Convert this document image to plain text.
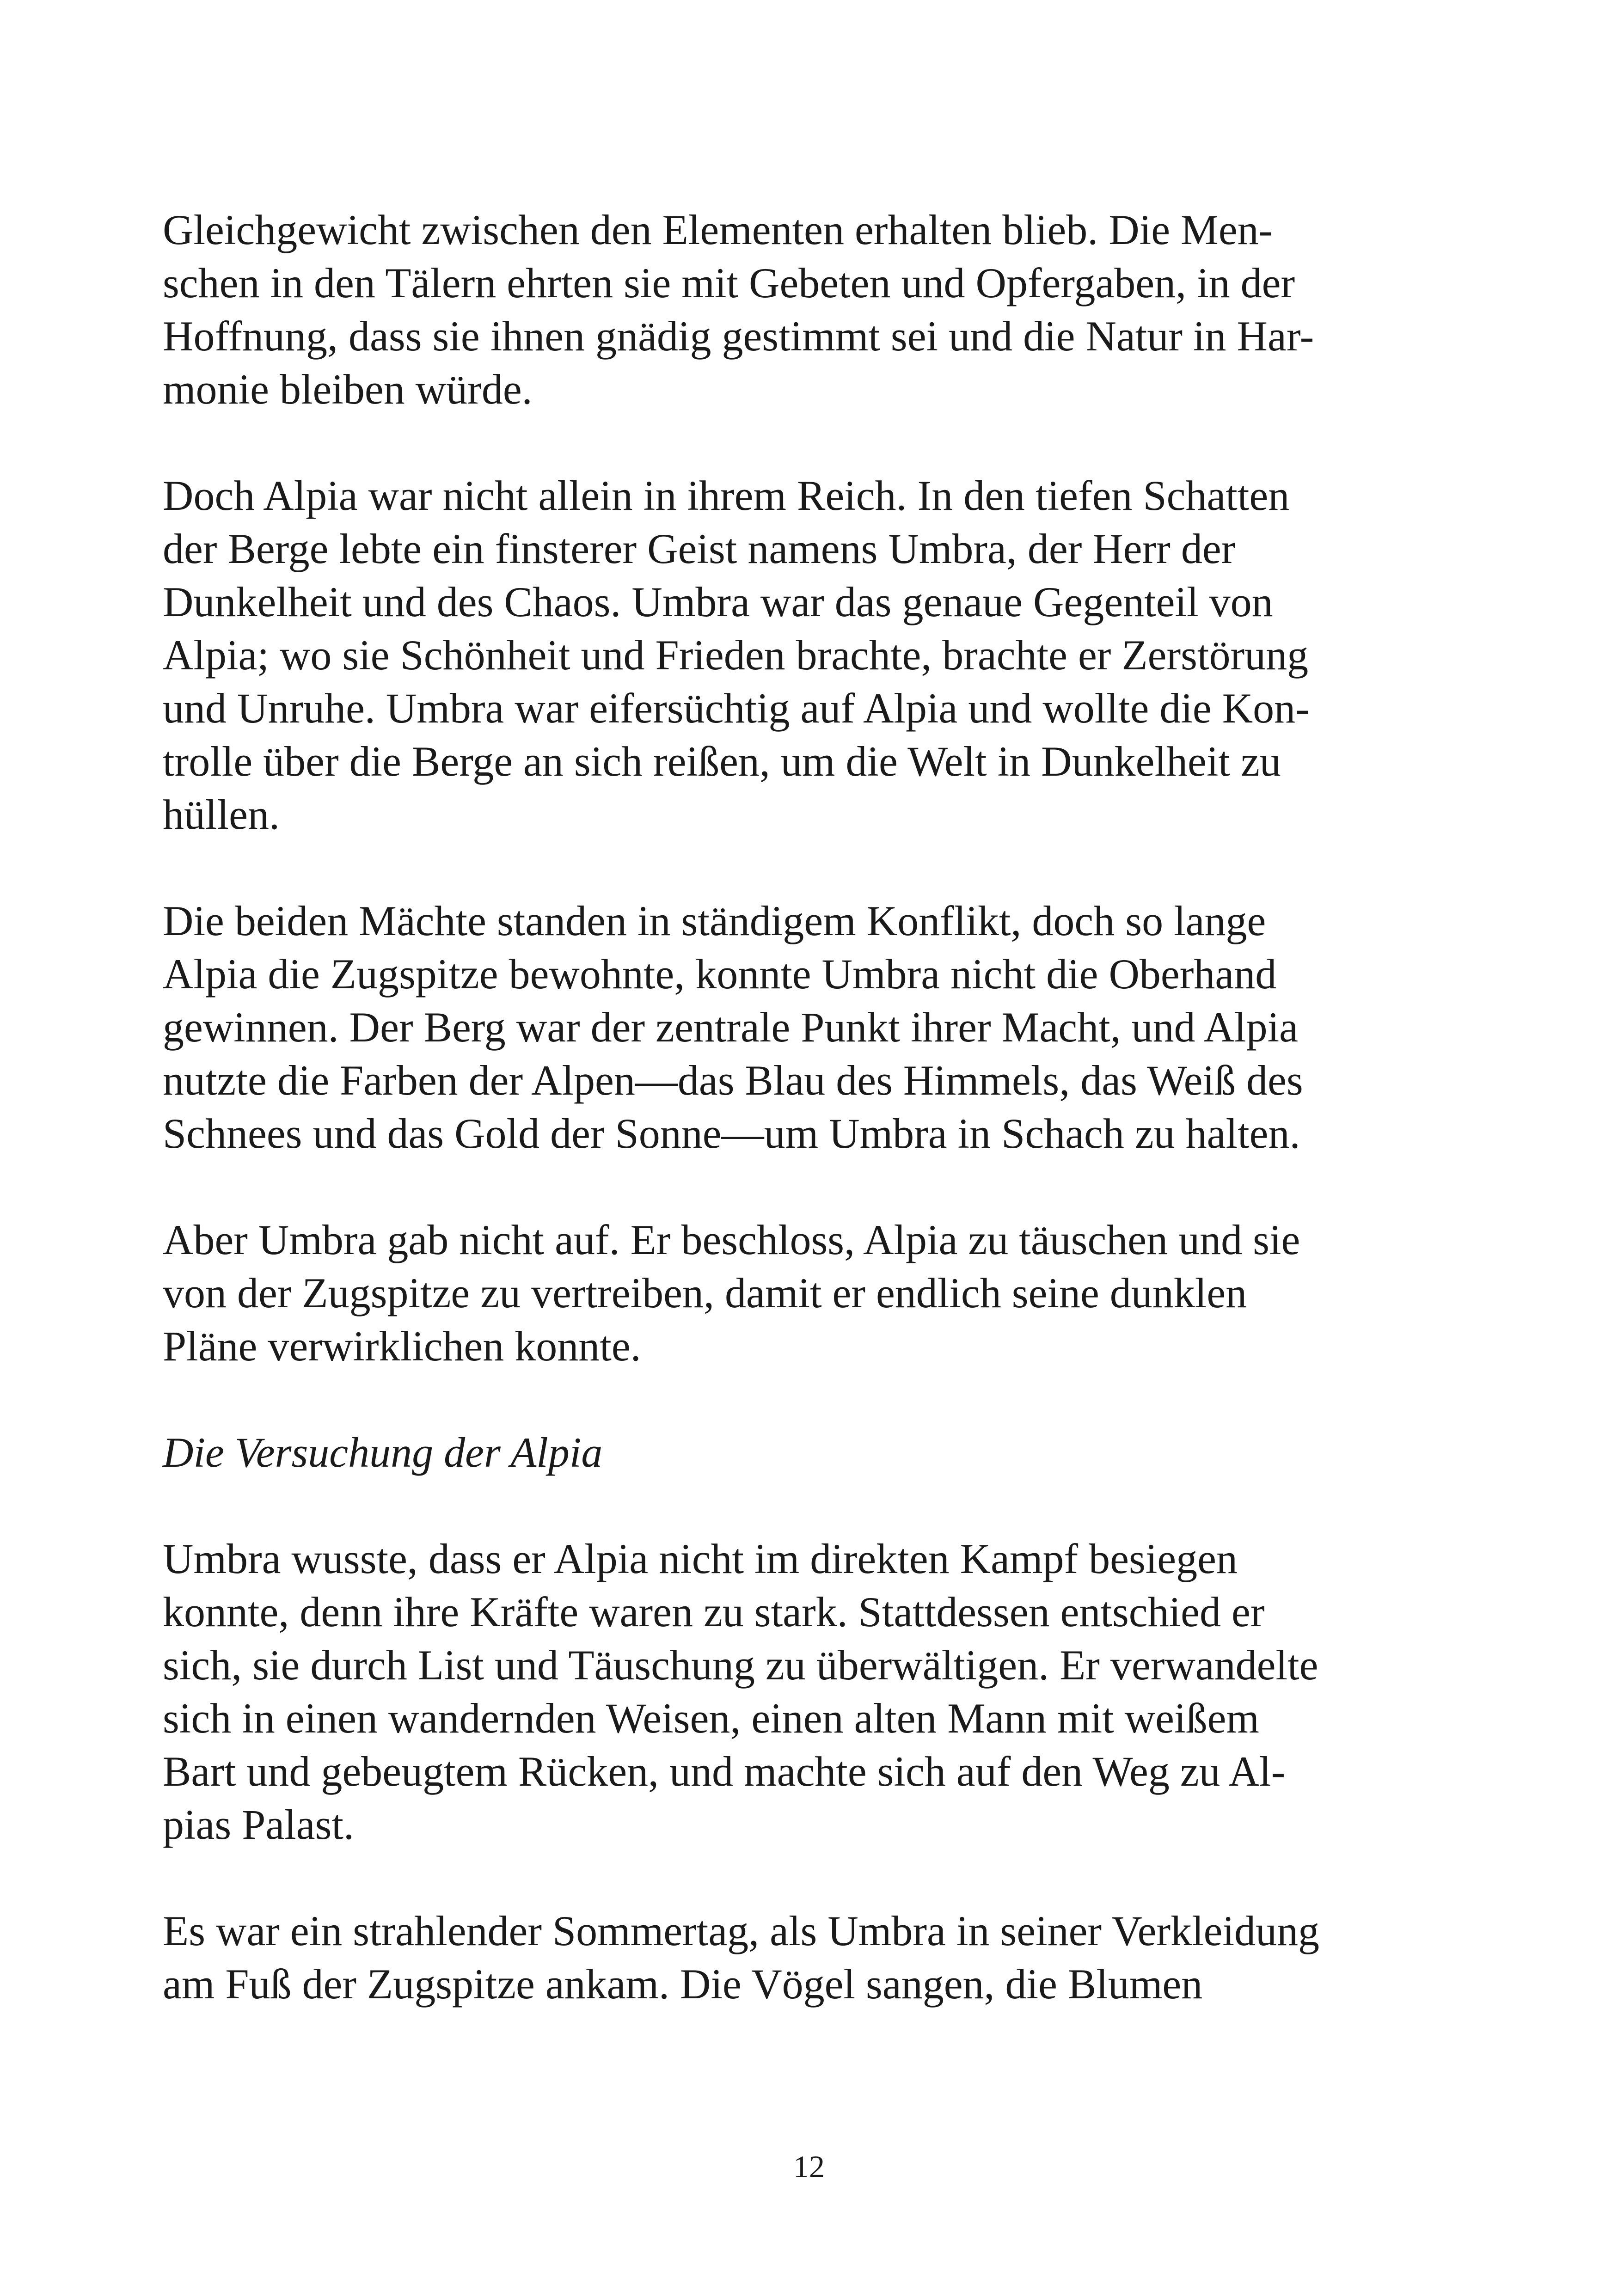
Gleichgewicht zwischen den Elementen erhalten blieb. Die Men-
schen in den Tälern ehrten sie mit Gebeten und Opfergaben, in der
Hoffnung, dass sie ihnen gnädig gestimmt sei und die Natur in Har-
monie bleiben würde.

Doch Alpia war nicht allein in ihrem Reich. In den tiefen Schatten
der Berge lebte ein finsterer Geist namens Umbra, der Herr der
Dunkelheit und des Chaos. Umbra war das genaue Gegenteil von
Alpia; wo sie Schönheit und Frieden brachte, brachte er Zerstörung
und Unruhe. Umbra war eifersüchtig auf Alpia und wollte die Kon-
trolle über die Berge an sich reißen, um die Welt in Dunkelheit zu
hüllen.

Die beiden Mächte standen in ständigem Konflikt, doch so lange
Alpia die Zugspitze bewohnte, konnte Umbra nicht die Oberhand
gewinnen. Der Berg war der zentrale Punkt ihrer Macht, und Alpia
nutzte die Farben der Alpen—das Blau des Himmels, das Weiß des
Schnees und das Gold der Sonne—um Umbra in Schach zu halten.

Aber Umbra gab nicht auf. Er beschloss, Alpia zu täuschen und sie
von der Zugspitze zu vertreiben, damit er endlich seine dunklen
Pläne verwirklichen konnte.

Die Versuchung der Alpia

Umbra wusste, dass er Alpia nicht im direkten Kampf besiegen
konnte, denn ihre Kräfte waren zu stark. Stattdessen entschied er
sich, sie durch List und Täuschung zu überwältigen. Er verwandelte
sich in einen wandernden Weisen, einen alten Mann mit weißem
Bart und gebeugtem Rücken, und machte sich auf den Weg zu Al-
pias Palast.

Es war ein strahlender Sommertag, als Umbra in seiner Verkleidung
am Fuß der Zugspitze ankam. Die Vögel sangen, die Blumen

12
